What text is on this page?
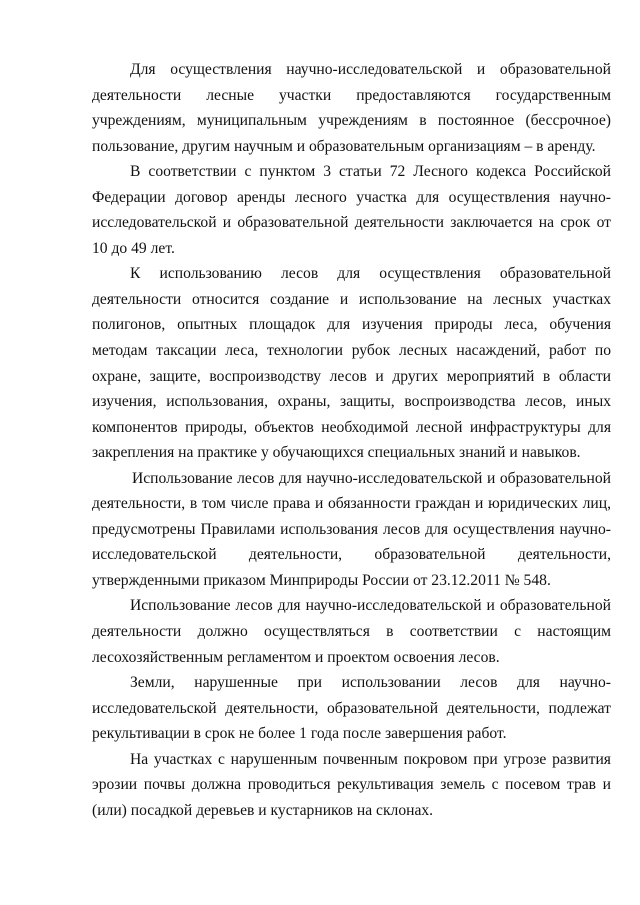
Для осуществления научно-исследовательской и образовательной деятельности лесные участки предоставляются государственным учреждениям, муниципальным учреждениям в постоянное (бессрочное) пользование, другим научным и образовательным организациям – в аренду.

В соответствии с пунктом 3 статьи 72 Лесного кодекса Российской Федерации договор аренды лесного участка для осуществления научно-исследовательской и образовательной деятельности заключается на срок от 10 до 49 лет.

К использованию лесов для осуществления образовательной деятельности относится создание и использование на лесных участках полигонов, опытных площадок для изучения природы леса, обучения методам таксации леса, технологии рубок лесных насаждений, работ по охране, защите, воспроизводству лесов и других мероприятий в области изучения, использования, охраны, защиты, воспроизводства лесов, иных компонентов природы, объектов необходимой лесной инфраструктуры для закрепления на практике у обучающихся специальных знаний и навыков.

Использование лесов для научно-исследовательской и образовательной деятельности, в том числе права и обязанности граждан и юридических лиц, предусмотрены Правилами использования лесов для осуществления научно-исследовательской деятельности, образовательной деятельности, утвержденными приказом Минприроды России от 23.12.2011 № 548.

Использование лесов для научно-исследовательской и образовательной деятельности должно осуществляться в соответствии с настоящим лесохозяйственным регламентом и проектом освоения лесов.

Земли, нарушенные при использовании лесов для научно-исследовательской деятельности, образовательной деятельности, подлежат рекультивации в срок не более 1 года после завершения работ.

На участках с нарушенным почвенным покровом при угрозе развития эрозии почвы должна проводиться рекультивация земель с посевом трав и (или) посадкой деревьев и кустарников на склонах.
